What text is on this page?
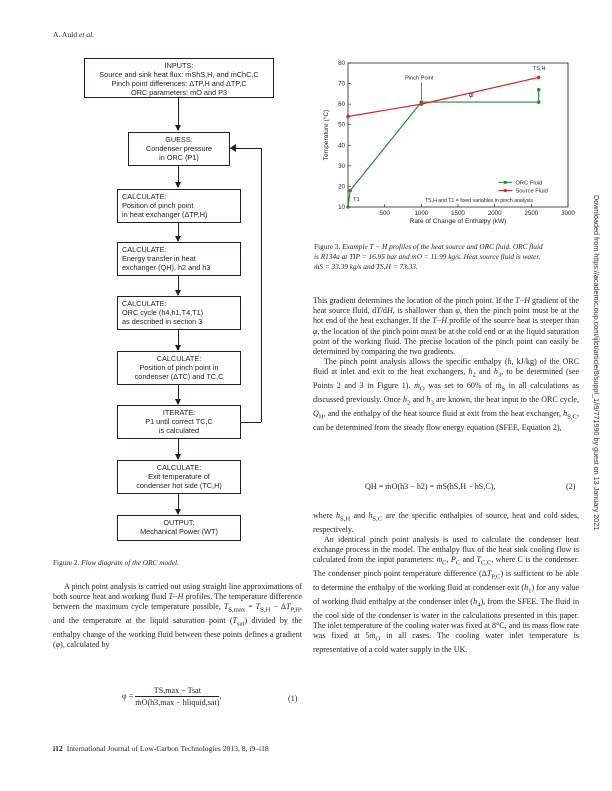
A. Auld et al.
Downloaded from https://academic.oup.com/ijlct/article/8/suppl_1/i9/771990 by guest on 13 January 2021
INPUTS:
Source and sink heat flux: ṁShS,H, and ṁChC,C
Pinch point differences: ΔTP,H and ΔTP,C
ORC parameters: ṁO and P3
GUESS:
Condenser pressure
in ORC (P1)
CALCULATE:
Position of pinch point
in heat exchanger (ΔTP,H)
CALCULATE:
Energy transfer in heat
exchanger (QH), h2 and h3
CALCULATE:
ORC cycle (h4,h1,T4,T1)
as described in section 3
CALCULATE:
Position of pinch point in
condenser (ΔTC) and TC,C
ITERATE:
P1 until correct TC,C
is calculated
CALCULATE:
Exit temperature of
condenser hot side (TC,H)
OUTPUT:
Mechanical Power (WT)
Figure 2. Flow diagram of the ORC model.
500	1000	1500	2000	2500	3000
10
20
30
40
50
60
70
80
Rate of Change of Enthalpy (kW)
Temperature (°C)
Pinch Point
φ
TS,H
T1	TS,H and T1 = fixed variables in pinch analysis
ORC Fluid
Source Fluid
Figure 3. Example T − H profiles of the heat source and ORC fluid. ORC fluid
is R134a at TIP = 16.95 bar and ṁO = 11.99 kg/s. Heat source fluid is water,
ṁS = 33.39 kg/s and TS,H = 73.33.

This gradient determines the location of the pinch point. If the T−H gradient of the heat source fluid, dT/dH, is shallower than φ, then the pinch point must be at the hot end of the heat exchanger. If the T−H profile of the source heat is steeper than φ, the location of the pinch point must be at the cold end or at the liquid saturation point of the working fluid. The precise location of the pinch point can easily be determined by comparing the two gradients.

The pinch point analysis allows the specific enthalpy (h, kJ/kg) of the ORC fluid at inlet and exit to the heat exchangers, $h_2$ and $h_3$, to be determined (see Points 2 and 3 in Figure 1). ṁ$_O$ was set to 60% of ṁ$_S$ in all calculations as discussed previously. Once $h_2$ and $h_3$ are known, the heat input to the ORC cycle, $Q_H$, and the enthalpy of the heat source fluid at exit from the heat exchanger, $h_{S,C}$, can be determined from the steady flow energy equation (SFEE, Equation 2),

QH = ṁO(h3 − h2) = ṁS(hS,H − hS,C),	(2)

where $h_{S,H}$ and $h_{S,C}$ are the specific enthalpies of source, heat and cold sides, respectively.

An identical pinch point analysis is used to calculate the condenser heat exchange process in the model. The enthalpy flux of the heat sink cooling flow is calculated from the input parameters: ṁ$_C$, $P_C$ and $T_{C,C}$, where C is the condenser. The condenser pinch point temperature difference $(\Delta T_{P,C})$ is sufficient to be able to determine the enthalpy of the working fluid at condenser exit $(h_1)$ for any value of working fluid enthalpy at the condenser inlet $(h_4)$, from the SFEE. The fluid in the cool side of the condenser is water in the calculations presented in this paper. The inlet temperature of the cooling water was fixed at 8°C, and its mass flow rate was fixed at 5ṁ$_O$ in all cases. The cooling water inlet temperature is representative of a cold water supply in the UK.

A pinch point analysis is carried out using straight line approximations of both source heat and working fluid T−H profiles. The temperature difference between the maximum cycle temperature possible, $T_{S,max} = T_{S,H} - \Delta T_{P,H}$, and the temperature at the liquid saturation point $(T_{sat})$ divided by the enthalpy change of the working fluid between these points defines a gradient (φ), calculated by

$\varphi = \frac{\text{TS,max − Tsat}}{\text{ṁO(h3,max − hliquid,sat)}}$ ,	(1)
i12 International Journal of Low-Carbon Technologies 2013, 8, i9–i18
